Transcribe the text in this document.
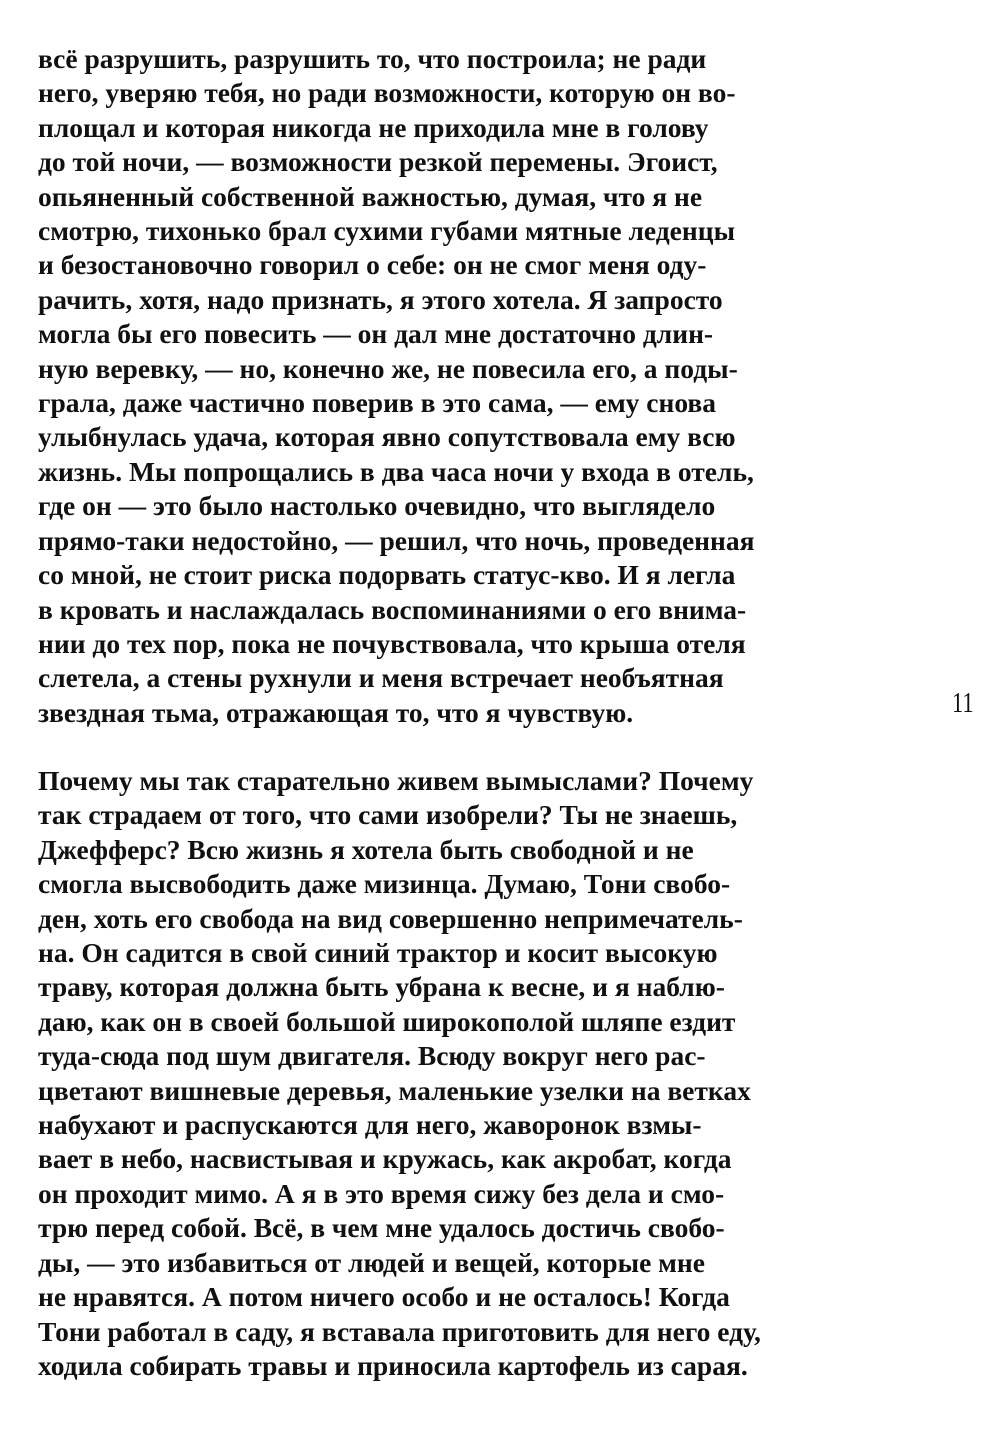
всё разрушить, разрушить то, что построила; не ради
него, уверяю тебя, но ради возможности, которую он во-
площал и которая никогда не приходила мне в голову
до той ночи, — возможности резкой перемены. Эгоист,
опьяненный собственной важностью, думая, что я не
смотрю, тихонько брал сухими губами мятные леденцы
и безостановочно говорил о себе: он не смог меня оду-
рачить, хотя, надо признать, я этого хотела. Я запросто
могла бы его повесить — он дал мне достаточно длин-
ную веревку, — но, конечно же, не повесила его, а поды-
грала, даже частично поверив в это сама, — ему снова
улыбнулась удача, которая явно сопутствовала ему всю
жизнь. Мы попрощались в два часа ночи у входа в отель,
где он — это было настолько очевидно, что выглядело
прямо-таки недостойно, — решил, что ночь, проведенная
со мной, не стоит риска подорвать статус-кво. И я легла
в кровать и наслаждалась воспоминаниями о его внима-
нии до тех пор, пока не почувствовала, что крыша отеля
слетела, а стены рухнули и меня встречает необъятная
звездная тьма, отражающая то, что я чувствую.	11
Почему мы так старательно живем вымыслами? Почему
так страдаем от того, что сами изобрели? Ты не знаешь,
Джефферс? Всю жизнь я хотела быть свободной и не
смогла высвободить даже мизинца. Думаю, Тони свобо-
ден, хоть его свобода на вид совершенно непримечатель-
на. Он садится в свой синий трактор и косит высокую
траву, которая должна быть убрана к весне, и я наблю-
даю, как он в своей большой широкополой шляпе ездит
туда-сюда под шум двигателя. Всюду вокруг него рас-
цветают вишневые деревья, маленькие узелки на ветках
набухают и распускаются для него, жаворонок взмы-
вает в небо, насвистывая и кружась, как акробат, когда
он проходит мимо. А я в это время сижу без дела и смо-
трю перед собой. Всё, в чем мне удалось достичь свобо-
ды, — это избавиться от людей и вещей, которые мне
не нравятся. А потом ничего особо и не осталось! Когда
Тони работал в саду, я вставала приготовить для него еду,
ходила собирать травы и приносила картофель из сарая.
